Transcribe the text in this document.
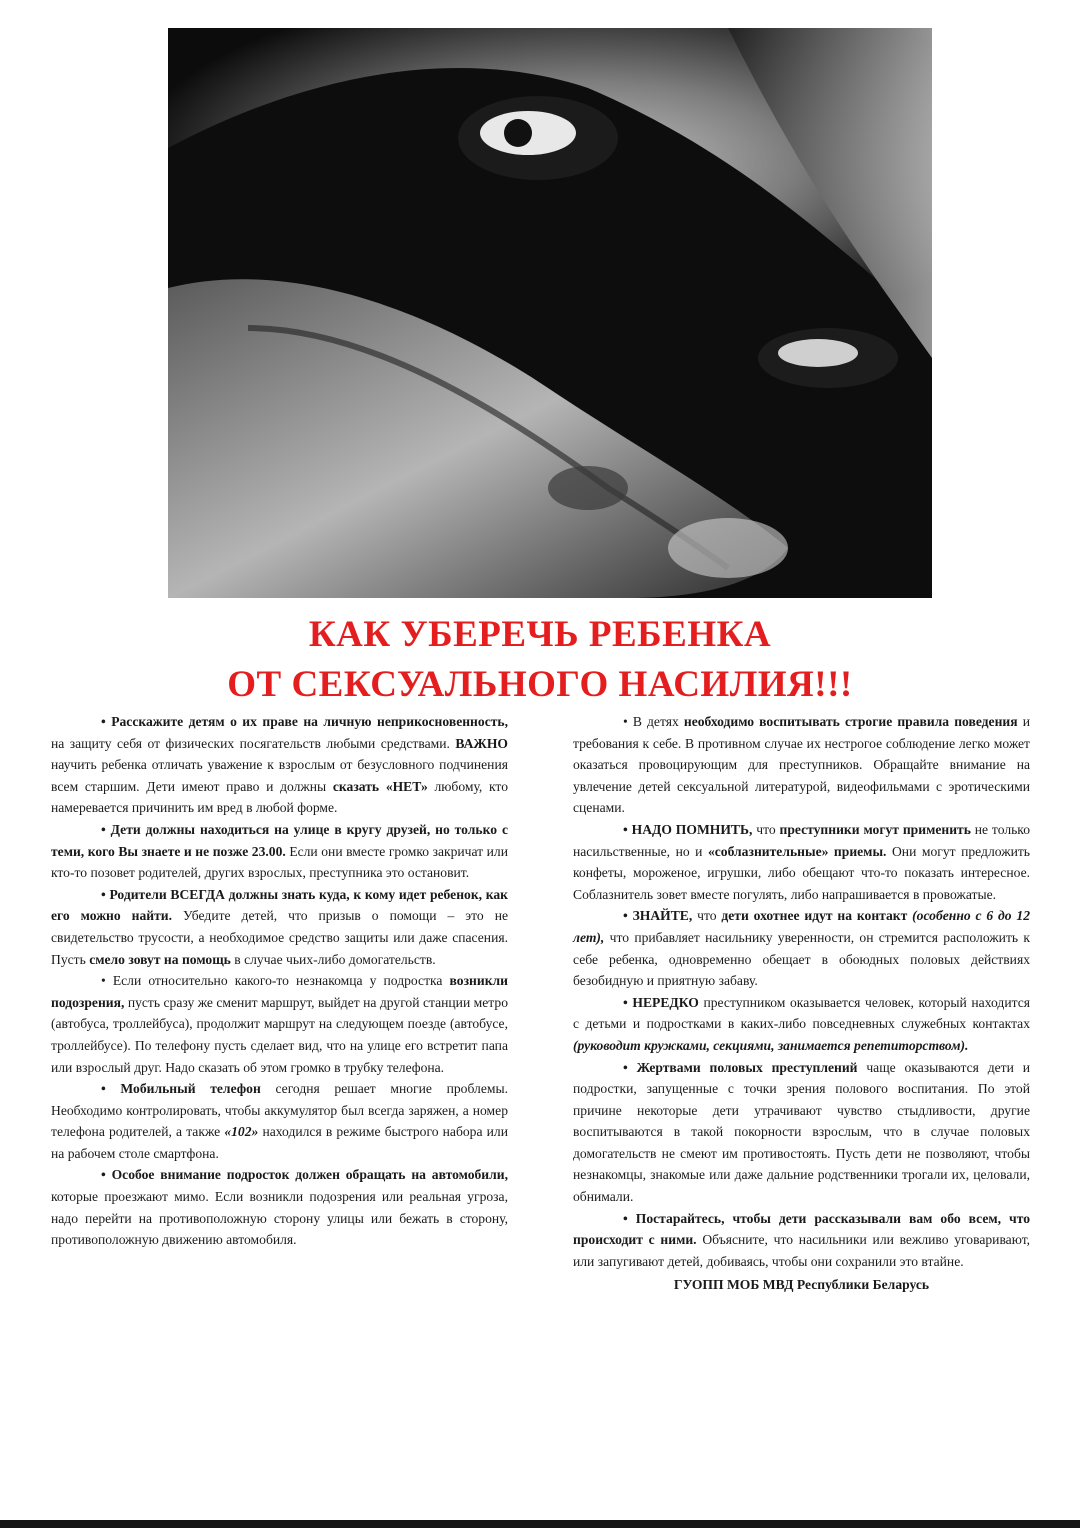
КАК УБЕРЕЧЬ РЕБЕНКА
ОТ СЕКСУАЛЬНОГО НАСИЛИЯ!!!

• Расскажите детям о их праве на личную неприкосновенность, на защиту себя от физических посягательств любыми средствами. ВАЖНО научить ребенка отличать уважение к взрослым от безусловного подчинения всем старшим. Дети имеют право и должны сказать «НЕТ» любому, кто намеревается причинить им вред в любой форме.

• Дети должны находиться на улице в кругу друзей, но только с теми, кого Вы знаете и не позже 23.00. Если они вместе громко закричат или кто-то позовет родителей, других взрослых, преступника это остановит.

• Родители ВСЕГДА должны знать куда, к кому идет ребенок, как его можно найти. Убедите детей, что призыв о помощи – это не свидетельство трусости, а необходимое средство защиты или даже спасения. Пусть смело зовут на помощь в случае чьих-либо домогательств.

• Если относительно какого-то незнакомца у подростка возникли подозрения, пусть сразу же сменит маршрут, выйдет на другой станции метро (автобуса, троллейбуса), продолжит маршрут на следующем поезде (автобусе, троллейбусе). По телефону пусть сделает вид, что на улице его встретит папа или взрослый друг. Надо сказать об этом громко в трубку телефона.

• Мобильный телефон сегодня решает многие проблемы. Необходимо контролировать, чтобы аккумулятор был всегда заряжен, а номер телефона родителей, а также «102» находился в режиме быстрого набора или на рабочем столе смартфона.

• Особое внимание подросток должен обращать на автомобили, которые проезжают мимо. Если возникли подозрения или реальная угроза, надо перейти на противоположную сторону улицы или бежать в сторону, противоположную движению автомобиля.

• В детях необходимо воспитывать строгие правила поведения и требования к себе. В противном случае их нестрогое соблюдение легко может оказаться провоцирующим для преступников. Обращайте внимание на увлечение детей сексуальной литературой, видеофильмами с эротическими сценами.

• НАДО ПОМНИТЬ, что преступники могут применить не только насильственные, но и «соблазнительные» приемы. Они могут предложить конфеты, мороженое, игрушки, либо обещают что-то показать интересное. Соблазнитель зовет вместе погулять, либо напрашивается в провожатые.

• ЗНАЙТЕ, что дети охотнее идут на контакт (особенно с 6 до 12 лет), что прибавляет насильнику уверенности, он стремится расположить к себе ребенка, одновременно обещает в обоюдных половых действиях безобидную и приятную забаву.

• НЕРЕДКО преступником оказывается человек, который находится с детьми и подростками в каких-либо повседневных служебных контактах (руководит кружками, секциями, занимается репетиторством).

• Жертвами половых преступлений чаще оказываются дети и подростки, запущенные с точки зрения полового воспитания. По этой причине некоторые дети утрачивают чувство стыдливости, другие воспитываются в такой покорности взрослым, что в случае половых домогательств не смеют им противостоять. Пусть дети не позволяют, чтобы незнакомцы, знакомые или даже дальние родственники трогали их, целовали, обнимали.

• Постарайтесь, чтобы дети рассказывали вам обо всем, что происходит с ними. Объясните, что насильники или вежливо уговаривают, или запугивают детей, добиваясь, чтобы они сохранили это втайне.

ГУОПП МОБ МВД Республики Беларусь
